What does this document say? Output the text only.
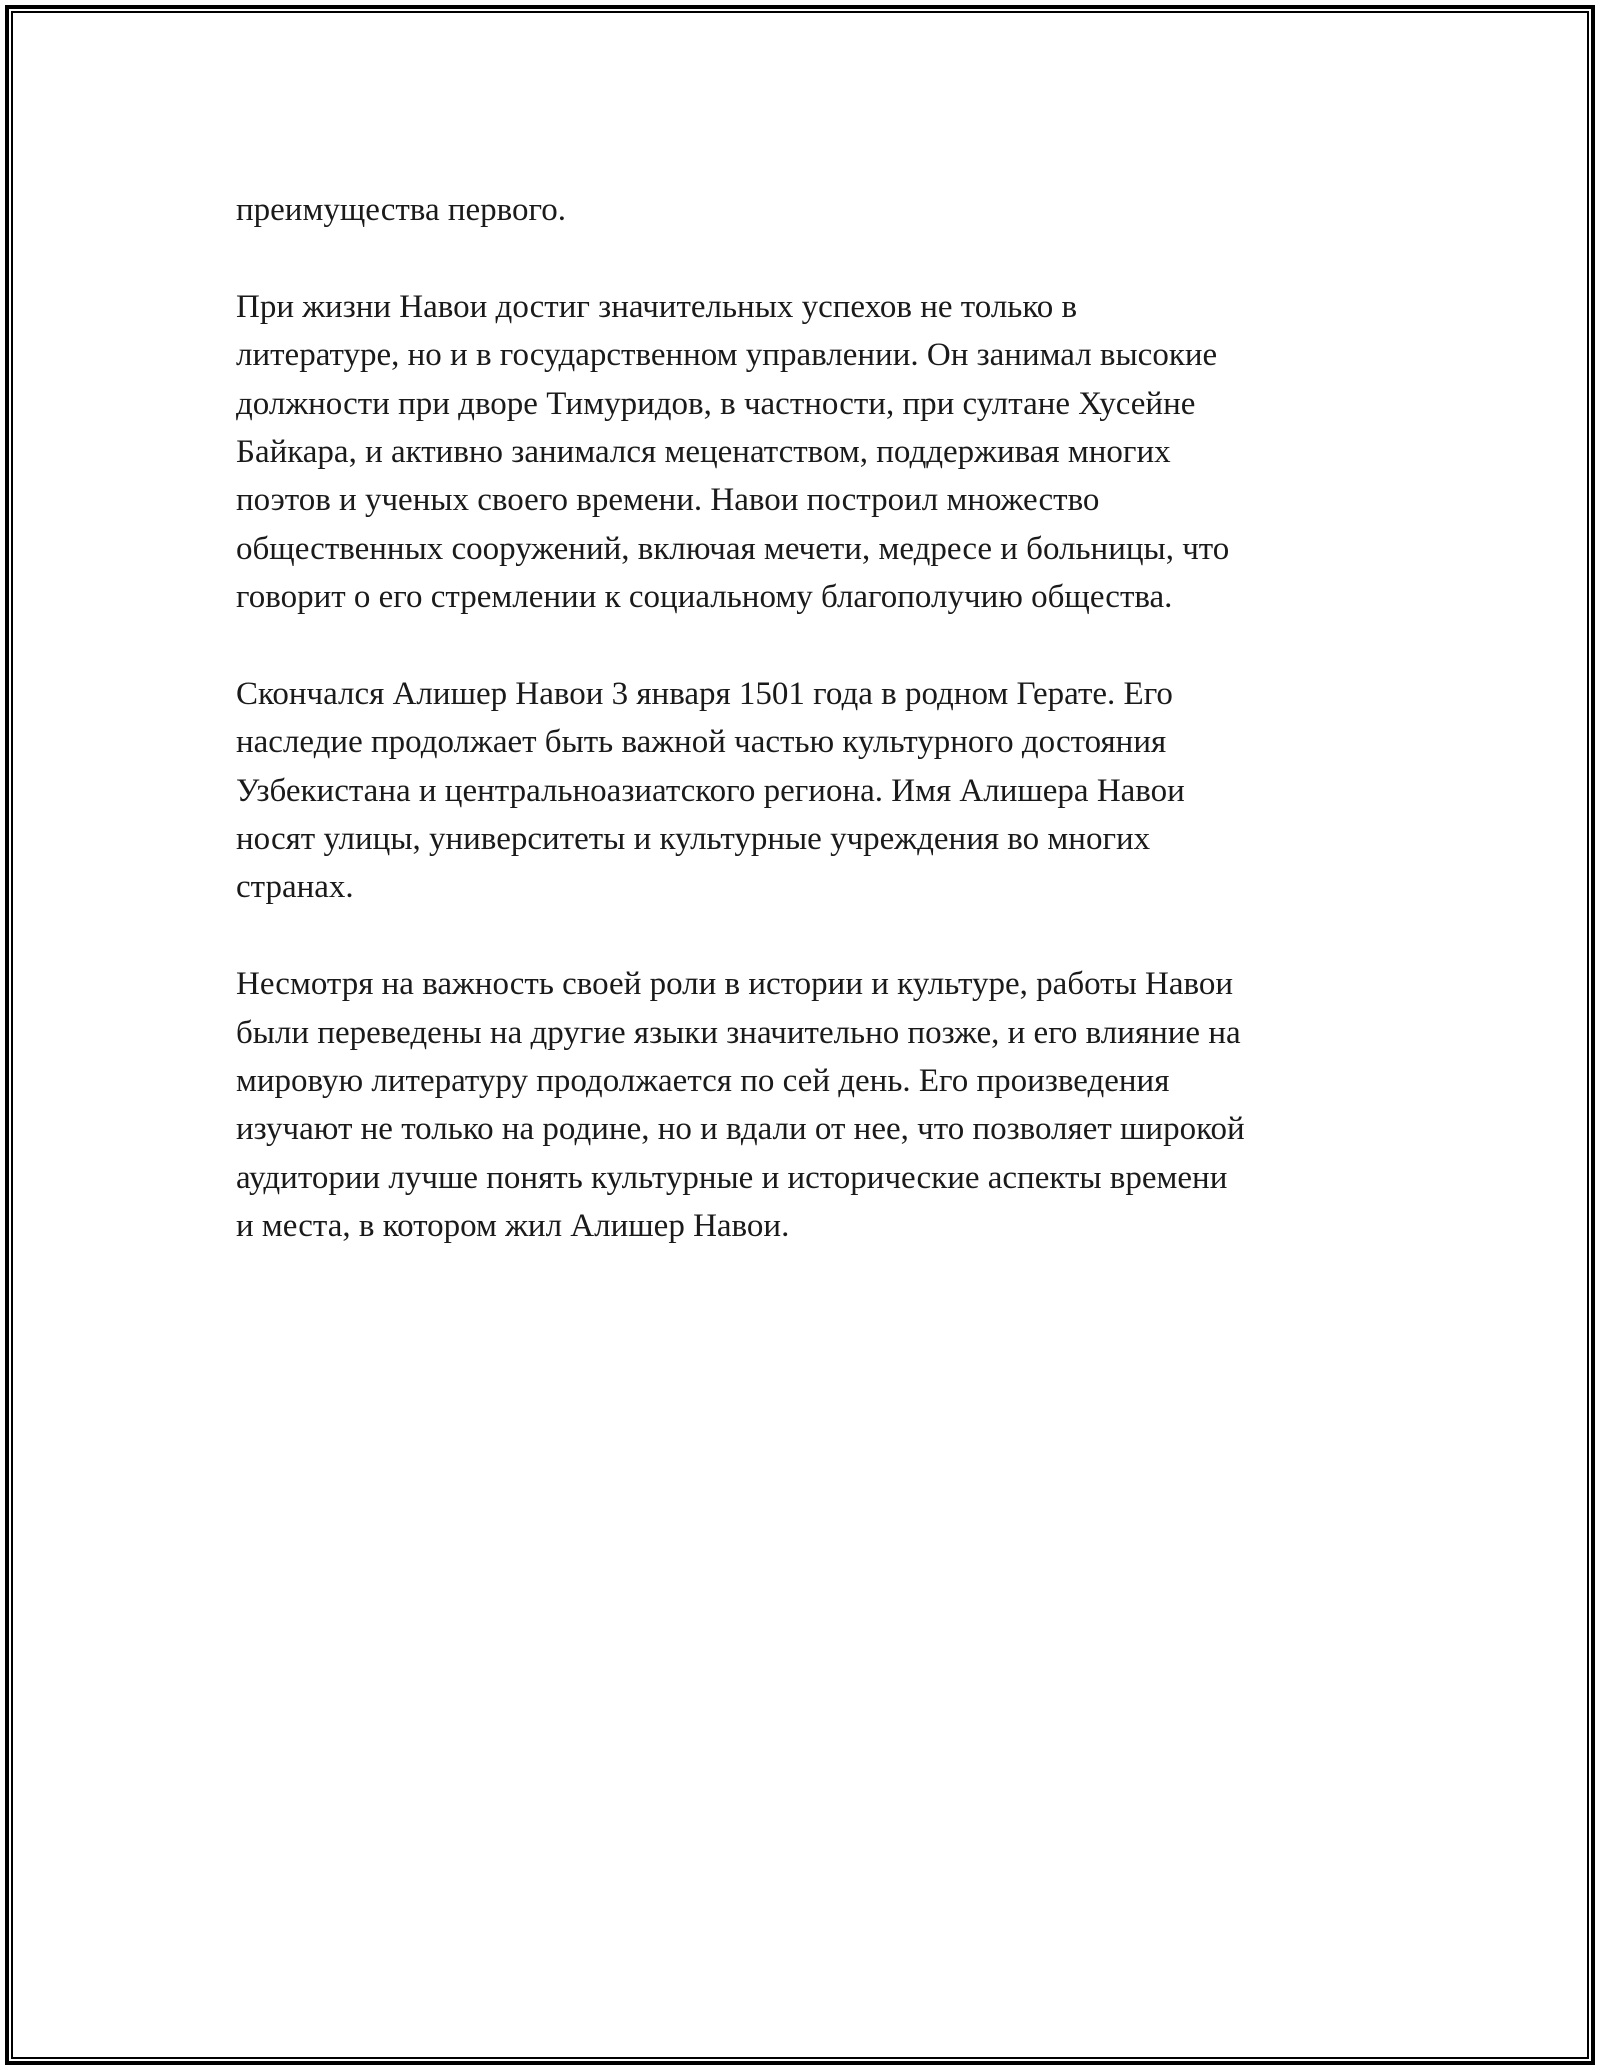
преимущества первого.
При жизни Навои достиг значительных успехов не только в
литературе, но и в государственном управлении. Он занимал высокие
должности при дворе Тимуридов, в частности, при султане Хусейне
Байкара, и активно занимался меценатством, поддерживая многих
поэтов и ученых своего времени. Навои построил множество
общественных сооружений, включая мечети, медресе и больницы, что
говорит о его стремлении к социальному благополучию общества.
Скончался Алишер Навои 3 января 1501 года в родном Герате. Его
наследие продолжает быть важной частью культурного достояния
Узбекистана и центральноазиатского региона. Имя Алишера Навои
носят улицы, университеты и культурные учреждения во многих
странах.
Несмотря на важность своей роли в истории и культуре, работы Навои
были переведены на другие языки значительно позже, и его влияние на
мировую литературу продолжается по сей день. Его произведения
изучают не только на родине, но и вдали от нее, что позволяет широкой
аудитории лучше понять культурные и исторические аспекты времени
и места, в котором жил Алишер Навои.
